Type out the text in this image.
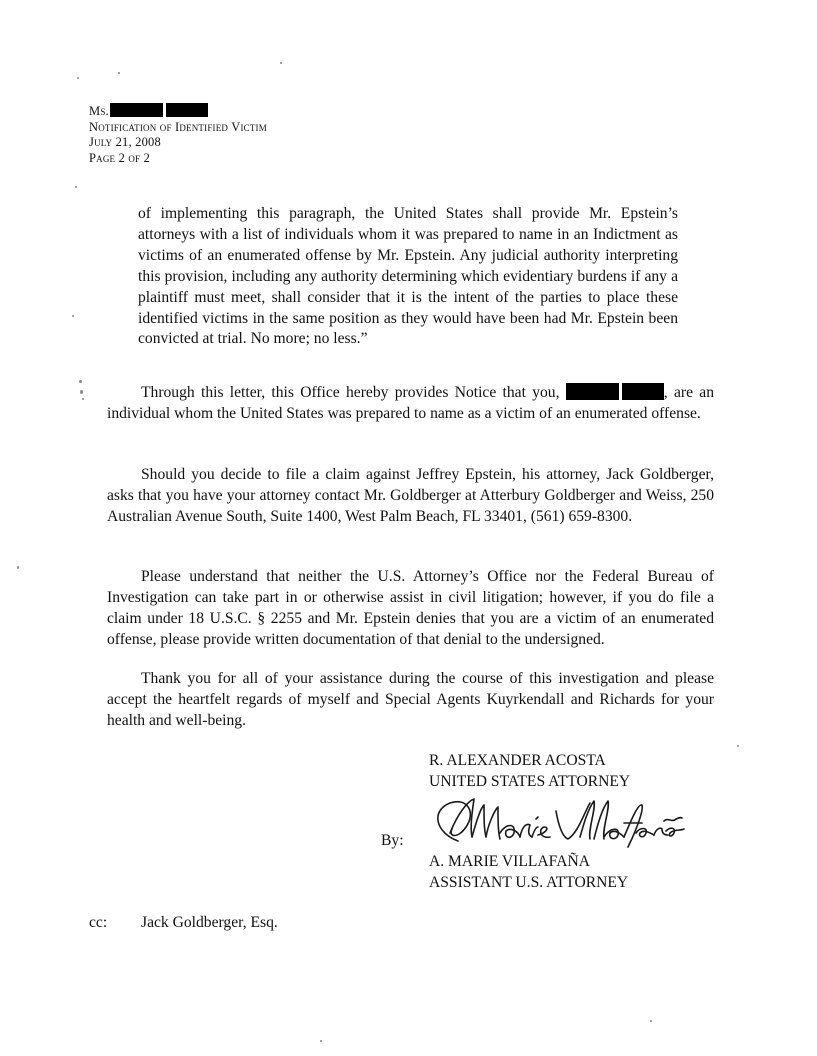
Ms.
Notification of Identified Victim
July 21, 2008
Page 2 of 2
of implementing this paragraph, the United States shall provide Mr. Epstein’s attorneys with a list of individuals whom it was prepared to name in an Indictment as victims of an enumerated offense by Mr. Epstein. Any judicial authority interpreting this provision, including any authority determining which evidentiary burdens if any a plaintiff must meet, shall consider that it is the intent of the parties to place these identified victims in the same position as they would have been had Mr. Epstein been convicted at trial. No more; no less.”
Through this letter, this Office hereby provides Notice that you,	, are an individual whom the United States was prepared to name as a victim of an enumerated offense.
Should you decide to file a claim against Jeffrey Epstein, his attorney, Jack Goldberger, asks that you have your attorney contact Mr. Goldberger at Atterbury Goldberger and Weiss, 250 Australian Avenue South, Suite 1400, West Palm Beach, FL 33401, (561) 659-8300.
Please understand that neither the U.S. Attorney’s Office nor the Federal Bureau of Investigation can take part in or otherwise assist in civil litigation; however, if you do file a claim under 18 U.S.C. § 2255 and Mr. Epstein denies that you are a victim of an enumerated offense, please provide written documentation of that denial to the undersigned.
Thank you for all of your assistance during the course of this investigation and please accept the heartfelt regards of myself and Special Agents Kuyrkendall and Richards for your health and well-being.
R. ALEXANDER ACOSTA
UNITED STATES ATTORNEY
By:
A. MARIE VILLAFAÑA
ASSISTANT U.S. ATTORNEY
cc: Jack Goldberger, Esq.
